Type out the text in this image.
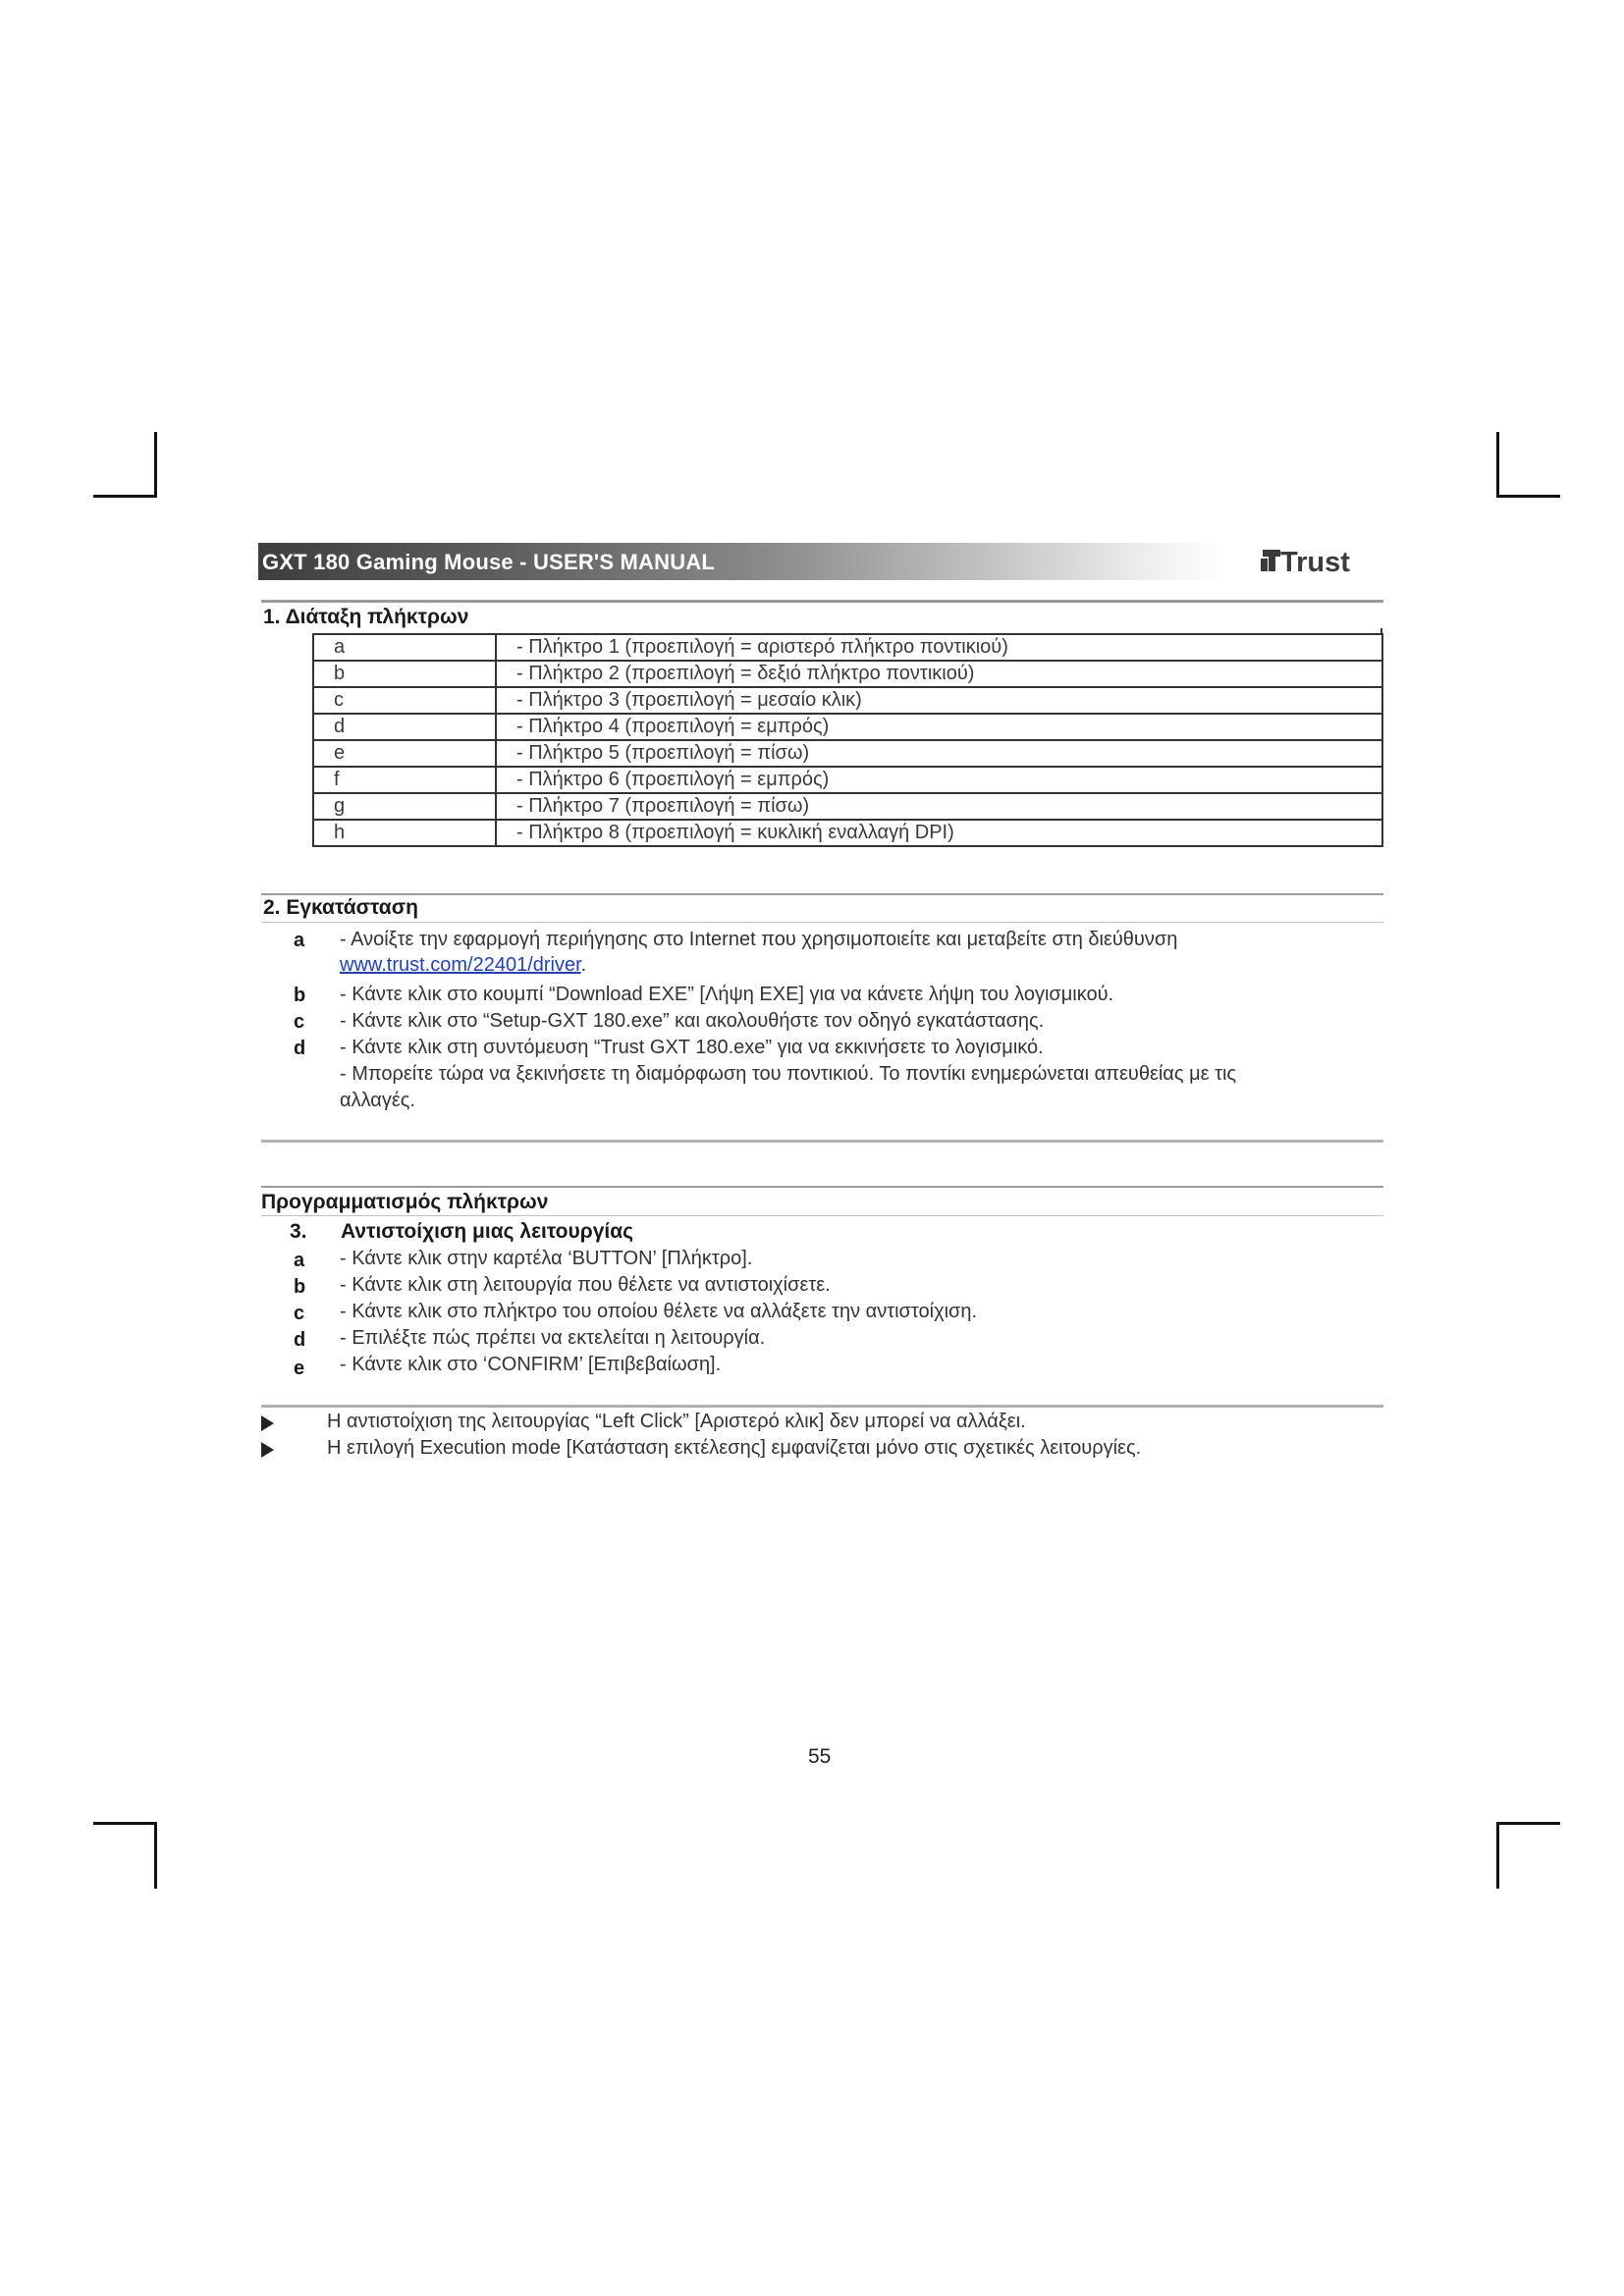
GXT 180 Gaming Mouse - USER'S MANUAL	Trust
1. Διάταξη πλήκτρων
a	- Πλήκτρο 1 (προεπιλογή = αριστερό πλήκτρο ποντικιού)
b	- Πλήκτρο 2 (προεπιλογή = δεξιό πλήκτρο ποντικιού)
c	- Πλήκτρο 3 (προεπιλογή = μεσαίο κλικ)
d	- Πλήκτρο 4 (προεπιλογή = εμπρός)
e	- Πλήκτρο 5 (προεπιλογή = πίσω)
f	- Πλήκτρο 6 (προεπιλογή = εμπρός)
g	- Πλήκτρο 7 (προεπιλογή = πίσω)
h	- Πλήκτρο 8 (προεπιλογή = κυκλική εναλλαγή DPI)
2. Εγκατάσταση
a - Ανοίξτε την εφαρμογή περιήγησης στο Internet που χρησιμοποιείτε και μεταβείτε στη διεύθυνση
www.trust.com/22401/driver.
b - Κάντε κλικ στο κουμπί “Download EXE” [Λήψη EXE] για να κάνετε λήψη του λογισμικού.
c - Κάντε κλικ στο “Setup-GXT 180.exe” και ακολουθήστε τον οδηγό εγκατάστασης.
d - Κάντε κλικ στη συντόμευση “Trust GXT 180.exe” για να εκκινήσετε το λογισμικό.
- Μπορείτε τώρα να ξεκινήσετε τη διαμόρφωση του ποντικιού. Το ποντίκι ενημερώνεται απευθείας με τις
αλλαγές.
Προγραμματισμός πλήκτρων
3. Αντιστοίχιση μιας λειτουργίας
a - Κάντε κλικ στην καρτέλα ‘BUTTON’ [Πλήκτρο].
b - Κάντε κλικ στη λειτουργία που θέλετε να αντιστοιχίσετε.
c - Κάντε κλικ στο πλήκτρο του οποίου θέλετε να αλλάξετε την αντιστοίχιση.
d - Επιλέξτε πώς πρέπει να εκτελείται η λειτουργία.
e - Κάντε κλικ στο ‘CONFIRM’ [Επιβεβαίωση].
Η αντιστοίχιση της λειτουργίας “Left Click” [Αριστερό κλικ] δεν μπορεί να αλλάξει.
Η επιλογή Execution mode [Κατάσταση εκτέλεσης] εμφανίζεται μόνο στις σχετικές λειτουργίες.
55
